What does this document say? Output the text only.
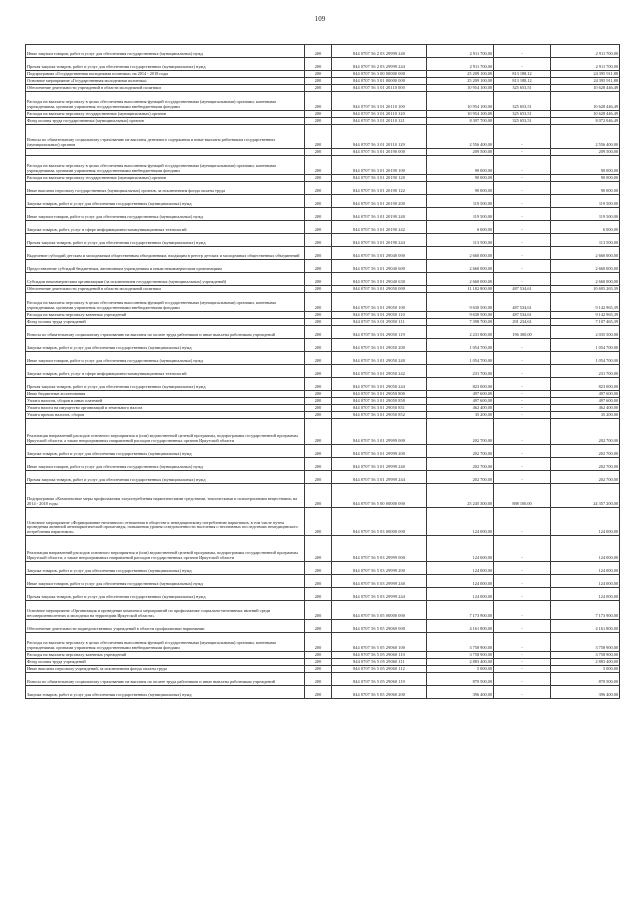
109
Иные закупки товаров, работ и услуг для обеспечения государственных (муниципальных) нужд	200	844 0707 56 2 03 29999 240	2 911 700,00	-	2 911 700,00
Прочая закупка товаров, работ и услуг для обеспечения государственных (муниципальных) нужд	200	844 0707 56 2 03 29999 244	2 911 700,00	-	2 911 700,00
Подпрограмма «Государственная молодежная политика» на 2014 - 2018 годы	200	844 0707 56 3 00 00000 000	25 209 100,00	813 188,12	24 395 911,88
Основное мероприятие «Государственная молодежная политика»	200	844 0707 56 3 01 00000 000	25 209 100,00	813 188,12	24 395 911,88
Обеспечение деятельности учреждений в области молодежной политики	200	844 0707 56 3 01 20110 000	10 954 100,00	325 653,51	10 628 446,49
Расходы на выплаты персоналу в целях обеспечения выполнения функций государственными (муниципальными) органами, казенными учреждениями, органами управления государственными внебюджетными фондами	200	844 0707 56 3 01 20110 100	10 954 100,00	325 653,51	10 628 446,49
Расходы на выплаты персоналу государственных (муниципальных) органов	200	844 0707 56 3 01 20110 120	10 954 100,00	325 653,51	10 628 446,49
Фонд оплаты труда государственных (муниципальных) органов	200	844 0707 56 3 01 20110 121	8 397 700,00	325 653,51	8 072 046,49
Взносы по обязательному социальному страхованию на выплаты денежного содержания и иные выплаты работникам государственных (муниципальных) органов	200	844 0707 56 3 01 20110 129	2 556 400,00	-	2 556 400,00
	200	844 0707 56 3 01 20190 000	209 500,00	-	209 500,00
Расходы на выплаты персоналу в целях обеспечения выполнения функций государственными (муниципальными) органами, казенными учреждениями, органами управления государственными внебюджетными фондами	200	844 0707 56 3 01 20190 100	90 000,00	-	90 000,00
Расходы на выплаты персоналу государственных (муниципальных) органов	200	844 0707 56 3 01 20190 120	90 000,00	-	90 000,00
Иные выплаты персоналу государственных (муниципальных) органов, за исключением фонда оплаты труда	200	844 0707 56 3 01 20190 122	90 000,00	-	90 000,00
Закупка товаров, работ и услуг для обеспечения государственных (муниципальных) нужд	200	844 0707 56 3 01 20190 200	119 500,00	-	119 500,00
Иные закупки товаров, работ и услуг для обеспечения государственных (муниципальных) нужд	200	844 0707 56 3 01 20190 240	119 500,00	-	119 500,00
Закупка товаров, работ, услуг в сфере информационно-коммуникационных технологий	200	844 0707 56 3 01 20190 242	6 000,00	-	6 000,00
Прочая закупка товаров, работ и услуг для обеспечения государственных (муниципальных) нужд	200	844 0707 56 3 01 20190 244	113 500,00	-	113 500,00
Выделение субсидий детским и молодежным общественным объединениям, входящим в реестр детских и молодежных общественных объединений	200	844 0707 56 3 01 29040 000	2 660 000,00	-	2 660 000,00
Предоставление субсидий бюджетным, автономным учреждениям и иным некоммерческим организациям	200	844 0707 56 3 01 29040 600	2 660 000,00	-	2 660 000,00
Субсидии некоммерческим организациям (за исключением государственных (муниципальных) учреждений)	200	844 0707 56 3 01 29040 630	2 660 000,00	-	2 660 000,00
Обеспечение деятельности учреждений в области молодежной политики	200	844 0707 56 3 01 29050 000	11 182 800,00	487 534,61	10 695 265,39
Расходы на выплаты персоналу в целях обеспечения выполнения функций государственными (муниципальными) органами, казенными учреждениями, органами управления государственными внебюджетными фондами	200	844 0707 56 3 01 29050 100	9 630 500,00	487 534,61	9 142 965,39
Расходы на выплаты персоналу казенных учреждений	200	844 0707 56 3 01 29050 110	9 630 500,00	487 534,61	9 142 965,39
Фонд оплаты труда учреждений	200	844 0707 56 3 01 29050 111	7 398 700,00	291 234,61	7 107 465,39
Взносы по обязательному социальному страхованию на выплаты по оплате труда работников и иные выплаты работникам учреждений	200	844 0707 56 3 01 29050 119	2 231 800,00	196 300,00	2 035 500,00
Закупка товаров, работ и услуг для обеспечения государственных (муниципальных) нужд	200	844 0707 56 3 01 29050 200	1 054 700,00	-	1 054 700,00
Иные закупки товаров, работ и услуг для обеспечения государственных (муниципальных) нужд	200	844 0707 56 3 01 29050 240	1 054 700,00	-	1 054 700,00
Закупка товаров, работ, услуг в сфере информационно-коммуникационных технологий	200	844 0707 56 3 01 29050 242	231 700,00	-	231 700,00
Прочая закупка товаров, работ и услуг для обеспечения государственных (муниципальных) нужд	200	844 0707 56 3 01 29050 244	823 000,00	-	823 000,00
Иные бюджетные ассигнования	200	844 0707 56 3 01 29050 800	497 600,00	-	497 600,00
Уплата налогов, сборов и иных платежей	200	844 0707 56 3 01 29050 850	497 600,00	-	497 600,00
Уплата налога на имущество организаций и земельного налога	200	844 0707 56 3 01 29050 851	462 400,00	-	462 400,00
Уплата прочих налогов, сборов	200	844 0707 56 3 01 29050 852	35 200,00	-	35 200,00
Реализация направлений расходов основного мероприятия и (или) ведомственной целевой программы, подпрограммы государственной программы Иркутской области, а также непрограммных направлений расходов государственных органов Иркутской области	200	844 0707 56 3 01 29999 000	202 700,00	-	202 700,00
Закупка товаров, работ и услуг для обеспечения государственных (муниципальных) нужд	200	844 0707 56 3 01 29999 200	202 700,00	-	202 700,00
Иные закупки товаров, работ и услуг для обеспечения государственных (муниципальных) нужд	200	844 0707 56 3 01 29999 240	202 700,00	-	202 700,00
Прочая закупка товаров, работ и услуг для обеспечения государственных (муниципальных) нужд	200	844 0707 56 3 01 29999 244	202 700,00	-	202 700,00
Подпрограмма «Комплексные меры профилактики злоупотребления наркотическими средствами, токсическими и психотропными веществами» на 2014 - 2018 годы	200	844 0707 56 5 00 00000 000	25 245 300,00	888 100,00	24 357 200,00
Основное мероприятие «Формирование негативного отношения в обществе к немедицинскому потреблению наркотиков, в том числе путем проведения активной антинаркотической пропаганды, повышения уровня осведомленности населения о негативных последствиях немедицинского потребления наркотиков»	200	844 0707 56 5 03 00000 000	124 000,00	-	124 000,00
Реализация направлений расходов основного мероприятия и (или) ведомственной целевой программы, подпрограммы государственной программы Иркутской области, а также непрограммных направлений расходов государственных органов Иркутской области	200	844 0707 56 5 03 29999 000	124 000,00	-	124 000,00
Закупка товаров, работ и услуг для обеспечения государственных (муниципальных) нужд	200	844 0707 56 5 03 29999 200	124 000,00	-	124 000,00
Иные закупки товаров, работ и услуг для обеспечения государственных (муниципальных) нужд	200	844 0707 56 5 03 29999 240	124 000,00	-	124 000,00
Прочая закупка товаров, работ и услуг для обеспечения государственных (муниципальных) нужд	200	844 0707 56 5 03 29999 244	124 000,00	-	124 000,00
Основное мероприятие «Организация и проведение комплекса мероприятий по профилактике социально-негативных явлений среди несовершеннолетних и молодежи на территории Иркутской области»	200	844 0707 56 5 05 00000 000	7 173 900,00	-	7 173 900,00
Обеспечение деятельности подведомственных учреждений в области профилактики наркомании	200	844 0707 56 5 05 29060 000	4 161 800,00	-	4 161 800,00
Расходы на выплаты персоналу в целях обеспечения выполнения функций государственными (муниципальными) органами, казенными учреждениями, органами управления государственными внебюджетными фондами	200	844 0707 56 5 05 29060 100	3 758 900,00	-	3 758 900,00
Расходы на выплаты персоналу казенных учреждений	200	844 0707 56 5 05 29060 110	3 758 900,00	-	3 758 900,00
Фонд оплаты труда учреждений	200	844 0707 56 5 05 29060 111	2 883 400,00	-	2 883 400,00
Иные выплаты персоналу учреждений, за исключением фонда оплаты труда	200	844 0707 56 5 05 29060 112	5 000,00	-	5 000,00
Взносы по обязательному социальному страхованию на выплаты по оплате труда работников и иные выплаты работникам учреждений	200	844 0707 56 5 05 29060 119	870 500,00	-	870 500,00
Закупка товаров, работ и услуг для обеспечения государственных (муниципальных) нужд	200	844 0707 56 5 05 29060 200	396 400,00	-	396 400,00
